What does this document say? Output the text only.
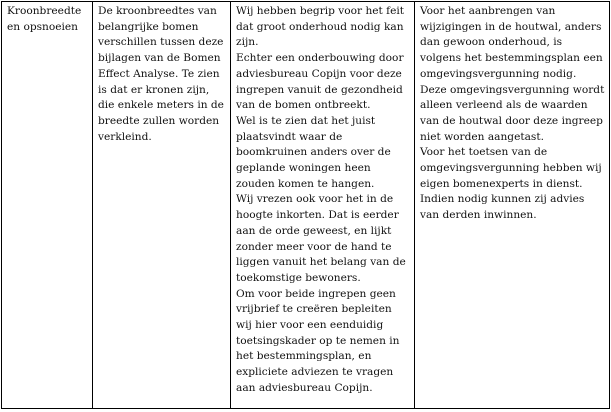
Kroonbreedte en opsnoeien

De kroonbreedtes van belangrijke bomen verschillen tussen deze bijlagen van de Bomen Effect Analyse. Te zien is dat er kronen zijn, die enkele meters in de breedte zullen worden verkleind.

Wij hebben begrip voor het feit dat groot onderhoud nodig kan zijn.
Echter een onderbouwing door adviesbureau Copijn voor deze ingrepen vanuit de gezondheid van de bomen ontbreekt.
Wel is te zien dat het juist plaatsvindt waar de boomkruinen anders over de geplande woningen heen zouden komen te hangen.
Wij vrezen ook voor het in de hoogte inkorten. Dat is eerder aan de orde geweest, en lijkt zonder meer voor de hand te liggen vanuit het belang van de toekomstige bewoners.
Om voor beide ingrepen geen vrijbrief te creëren bepleiten wij hier voor een eenduidig toetsingskader op te nemen in het bestemmingsplan, en expliciete adviezen te vragen aan adviesbureau Copijn.

Voor het aanbrengen van wijzigingen in de houtwal, anders dan gewoon onderhoud, is volgens het bestemmingsplan een omgevingsvergunning nodig.
Deze omgevingsvergunning wordt alleen verleend als de waarden van de houtwal door deze ingreep niet worden aangetast.
Voor het toetsen van de omgevingsvergunning hebben wij eigen bomenexperts in dienst. Indien nodig kunnen zij advies van derden inwinnen.
